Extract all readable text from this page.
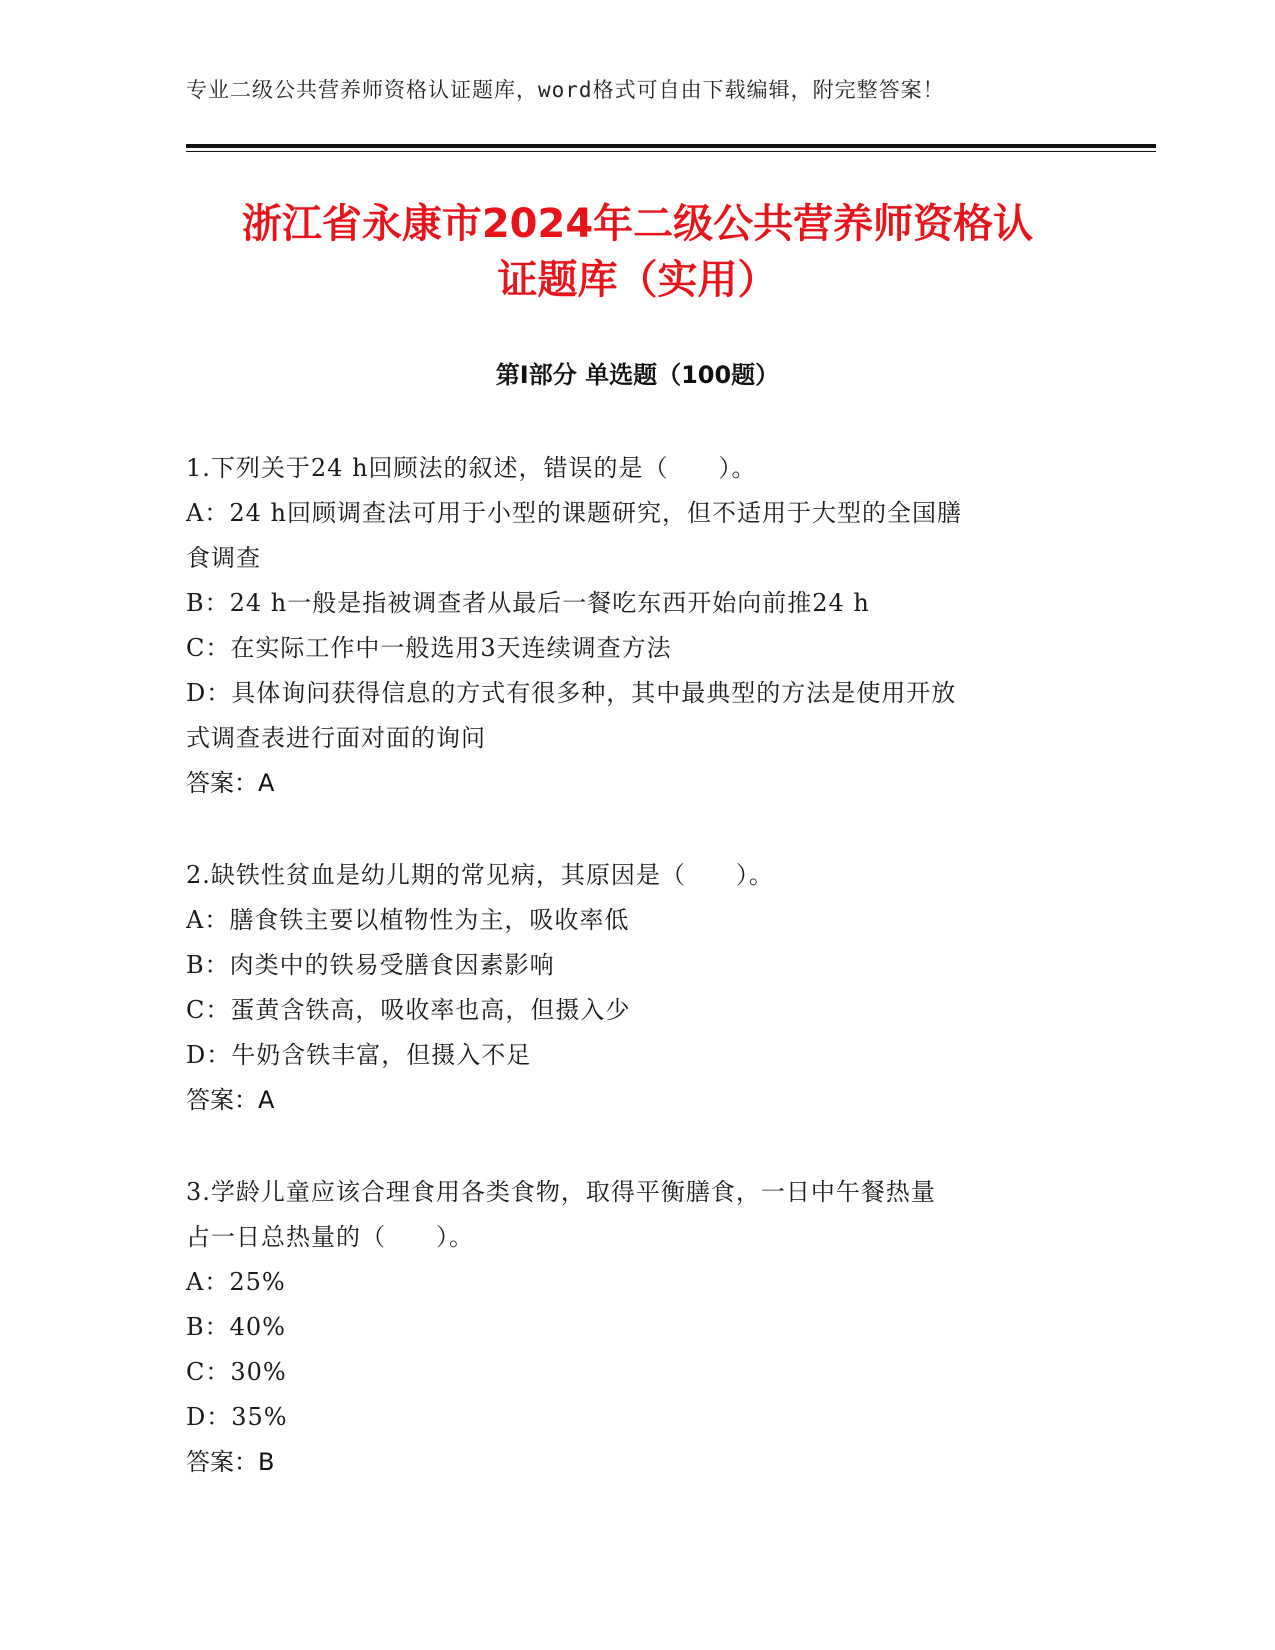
专业二级公共营养师资格认证题库，word格式可自由下载编辑，附完整答案！
浙江省永康市2024年二级公共营养师资格认
证题库（实用）
第Ⅰ部分 单选题（100题）

1.下列关于24 h回顾法的叙述，错误的是（　　）。

A：24 h回顾调查法可用于小型的课题研究，但不适用于大型的全国膳

食调查

B：24 h一般是指被调查者从最后一餐吃东西开始向前推24 h

C：在实际工作中一般选用3天连续调查方法

D：具体询问获得信息的方式有很多种，其中最典型的方法是使用开放

式调查表进行面对面的询问

答案：A

2.缺铁性贫血是幼儿期的常见病，其原因是（　　）。

A：膳食铁主要以植物性为主，吸收率低

B：肉类中的铁易受膳食因素影响

C：蛋黄含铁高，吸收率也高，但摄入少

D：牛奶含铁丰富，但摄入不足

答案：A

3.学龄儿童应该合理食用各类食物，取得平衡膳食，一日中午餐热量

占一日总热量的（　　）。

A：25%

B：40%

C：30%

D：35%

答案：B
